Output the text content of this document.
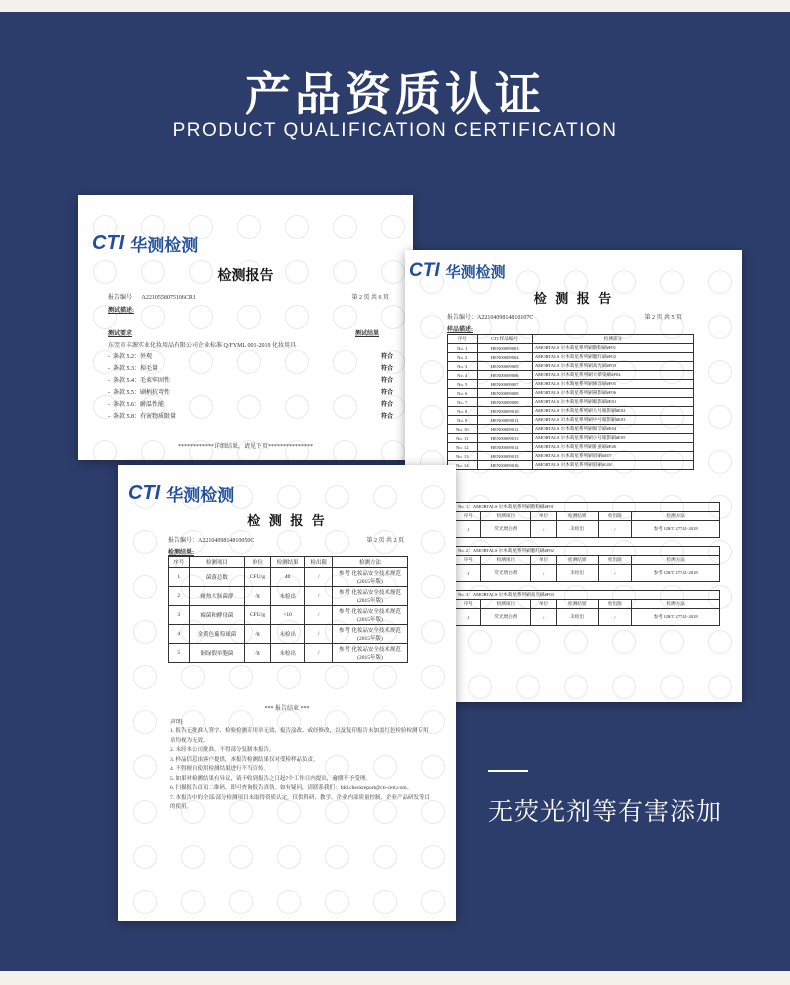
产品资质认证
PRODUCT QUALIFICATION CERTIFICATION
CTI 华测检测
检测报告
报告编号 A2210558075106CR1	第 2 页 共 6 页
测试描述:
测试要求	测试结果
东莞市丰源实业化妆用品有限公司企业标准 Q/FYML 001-2019 化妆用具
-  条款 5.2：外观	符合
-  条款 5.3：掉毛量	符合
-  条款 5.4：毛束牢固性	符合
-  条款 5.5：刷柄抗弯性	符合
-  条款 5.6：耐温性能	符合
-  条款 5.8：有害物质限量	符合
************详细结果，请见下页***************
CTI 华测检测
检 测 报 告
报告编号：A2210409814810107C	第 2 页 共 5 页
样品描述:
序号	CTI 样品编号	检测部分
No. 1	HEN00009003	AMORTALS 尔木萄星系列刷散粉刷#F01
No. 2	HEN00009004	AMORTALS 尔木萄星系列刷腮红刷#F02
No. 3	HEN00009005	AMORTALS 尔木萄星系列刷高光刷#F03
No. 4	HEN00009006	AMORTALS 尔木萄星系列刷大晕染刷#F04
No. 5	HEN00009007	AMORTALS 尔木萄星系列刷修容刷#F05
No. 6	HEN00009008	AMORTALS 尔木萄星系列刷鼻影刷#F06
No. 7	HEN00009009	AMORTALS 尔木萄星系列刷眼影刷#E01
No. 8	HEN00009010	AMORTALS 尔木萄星系列刷大号眼影刷#E02
No. 9	HEN00009011	AMORTALS 尔木萄星系列刷中号眼影刷#E03
No. 10	HEN00009012	AMORTALS 尔木萄星系列刷细节刷#E04
No. 11	HEN00009013	AMORTALS 尔木萄星系列刷小号眼影刷#E05
No. 12	HEN00009014	AMORTALS 尔木萄星系列刷卧蚕刷#E06
No. 13	HEN00009015	AMORTALS 尔木萄星系列刷眉刷#E07
No. 14	HEN00009016	AMORTALS 尔木萄星系列刷唇刷#L08
No. 1：AMORTALS 尔木萄星系列刷散粉刷#F01					
序号	检测项目	单位	检测结果	检出限	检测方法
1	荧光增白剂	/	未检出	/	参考 GB/T 27741-2018
No. 2：AMORTALS 尔木萄星系列刷腮红刷#F02					
序号	检测项目	单位	检测结果	检出限	检测方法
1	荧光增白剂	/	未检出	/	参考 GB/T 27741-2018
No. 3：AMORTALS 尔木萄星系列刷高光刷#F03					
序号	检测项目	单位	检测结果	检出限	检测方法
1	荧光增白剂	/	未检出	/	参考 GB/T 27741-2018
CTI 华测检测
检 测 报 告
报告编号：A2210409814810050C	第 2 页 共 2 页
检测结果:
序号	检测项目	单位	检测结果	检出限	检测方法
1	菌落总数	CFU/g	40	/	参考 化妆品安全技术规范(2015年版)
2	耐热大肠菌群	/g	未检出	/	参考 化妆品安全技术规范(2015年版)
3	霉菌和酵母菌	CFU/g	<10	/	参考 化妆品安全技术规范(2015年版)
4	金黄色葡萄球菌	/g	未检出	/	参考 化妆品安全技术规范(2015年版)
5	铜绿假单胞菌	/g	未检出	/	参考 化妆品安全技术规范(2015年版)
*** 报告结束 ***
声明:
1. 报告无批准人签字、检验检测专用章无效，报告涂改、或经修改，以及复印报告未加盖红色检验检测专用章均视为无效。
2. 未经本公司批准，不得部分复制本报告。
3. 样品信息由客户提供，本报告检测结果仅对受检样品负责。
4. 不得擅自使用检测结果进行不当宣传。
5. 如果对检测结果有异议，请于收到报告之日起7个工作日内提出，逾期不予受理。
6. 扫描报告首页二维码，即可查询报告真伪。如有疑问，请联系我们：fdd.checkreport@cti-cert.com。
7. 本报告中的全部/部分检测项目未取得资质认定，仅供科研、教学、企业内部质量控制、企业产品研发等目的使用。	无荧光剂等有害添加
